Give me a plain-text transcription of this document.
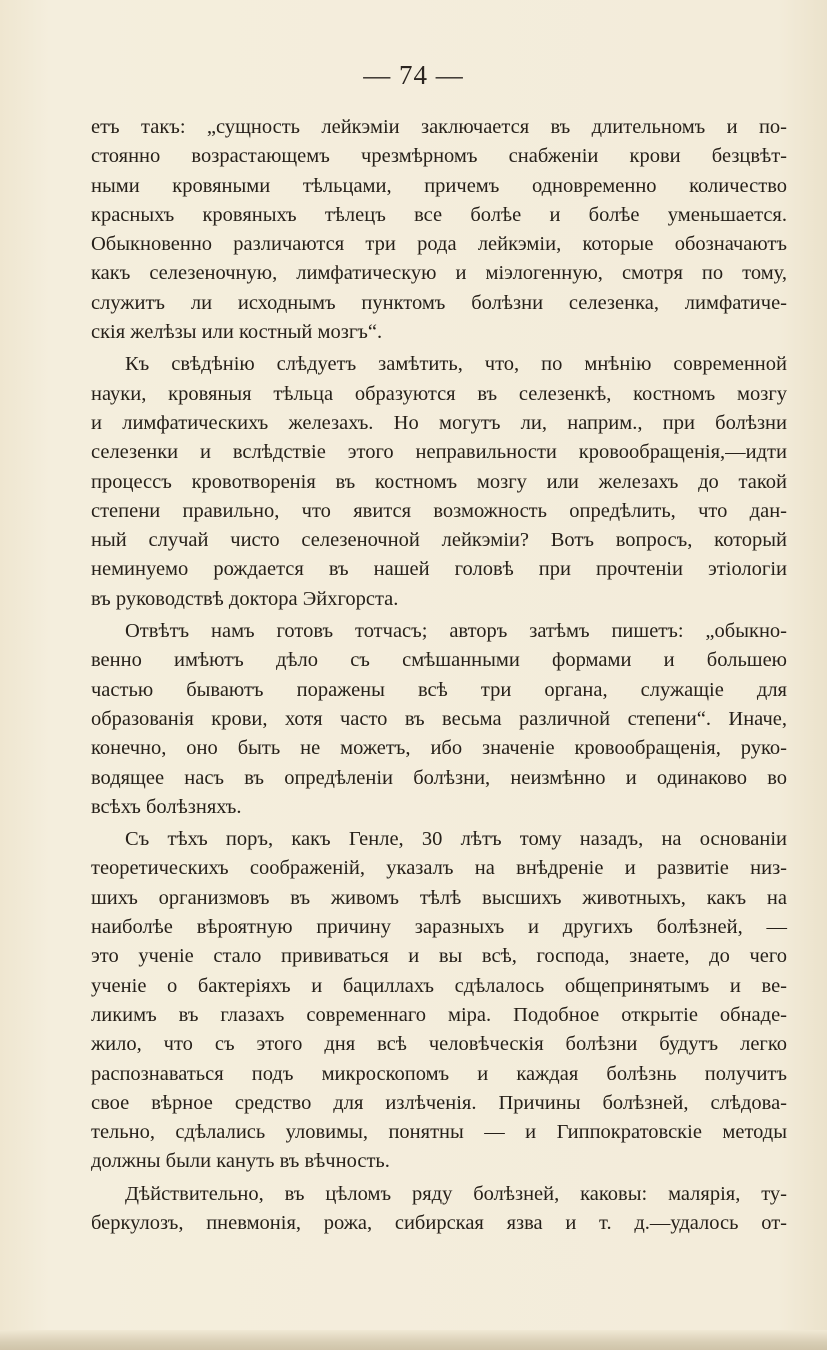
— 74 —
етъ такъ: „сущность лейкэміи заключается въ длительномъ и по-
стоянно возрастающемъ чрезмѣрномъ снабженіи крови безцвѣт-
ными кровяными тѣльцами, причемъ одновременно количество
красныхъ кровяныхъ тѣлецъ все болѣе и болѣе уменьшается.
Обыкновенно различаются три рода лейкэміи, которые обозначаютъ
какъ селезеночную, лимфатическую и міэлогенную, смотря по тому,
служитъ ли исходнымъ пунктомъ болѣзни селезенка, лимфатиче-
скія желѣзы или костный мозгъ“.
Къ свѣдѣнію слѣдуетъ замѣтить, что, по мнѣнію современной
науки, кровяныя тѣльца образуются въ селезенкѣ, костномъ мозгу
и лимфатическихъ железахъ. Но могутъ ли, наприм., при болѣзни
селезенки и вслѣдствіе этого неправильности кровообращенія,—идти
процессъ кровотворенія въ костномъ мозгу или железахъ до такой
степени правильно, что явится возможность опредѣлить, что дан-
ный случай чисто селезеночной лейкэміи? Вотъ вопросъ, который
неминуемо рождается въ нашей головѣ при прочтеніи этіологіи
въ руководствѣ доктора Эйхгорста.
Отвѣтъ намъ готовъ тотчасъ; авторъ затѣмъ пишетъ: „обыкно-
венно имѣютъ дѣло съ смѣшанными формами и большею
частью бываютъ поражены всѣ три органа, служащіе для
образованія крови, хотя часто въ весьма различной степени“. Иначе,
конечно, оно быть не можетъ, ибо значеніе кровообращенія, руко-
водящее насъ въ опредѣленіи болѣзни, неизмѣнно и одинаково во
всѣхъ болѣзняхъ.
Съ тѣхъ поръ, какъ Генле, 30 лѣтъ тому назадъ, на основаніи
теоретическихъ соображеній, указалъ на внѣдреніе и развитіе низ-
шихъ организмовъ въ живомъ тѣлѣ высшихъ животныхъ, какъ на
наиболѣе вѣроятную причину заразныхъ и другихъ болѣзней, —
это ученіе стало прививаться и вы всѣ, господа, знаете, до чего
ученіе о бактеріяхъ и бациллахъ сдѣлалось общепринятымъ и ве-
ликимъ въ глазахъ современнаго міра. Подобное открытіе обнаде-
жило, что съ этого дня всѣ человѣческія болѣзни будутъ легко
распознаваться подъ микроскопомъ и каждая болѣзнь получитъ
свое вѣрное средство для излѣченія. Причины болѣзней, слѣдова-
тельно, сдѣлались уловимы, понятны — и Гиппократовскіе методы
должны были кануть въ вѣчность.
Дѣйствительно, въ цѣломъ ряду болѣзней, каковы: малярія, ту-
беркулозъ, пневмонія, рожа, сибирская язва и т. д.—удалось от-
